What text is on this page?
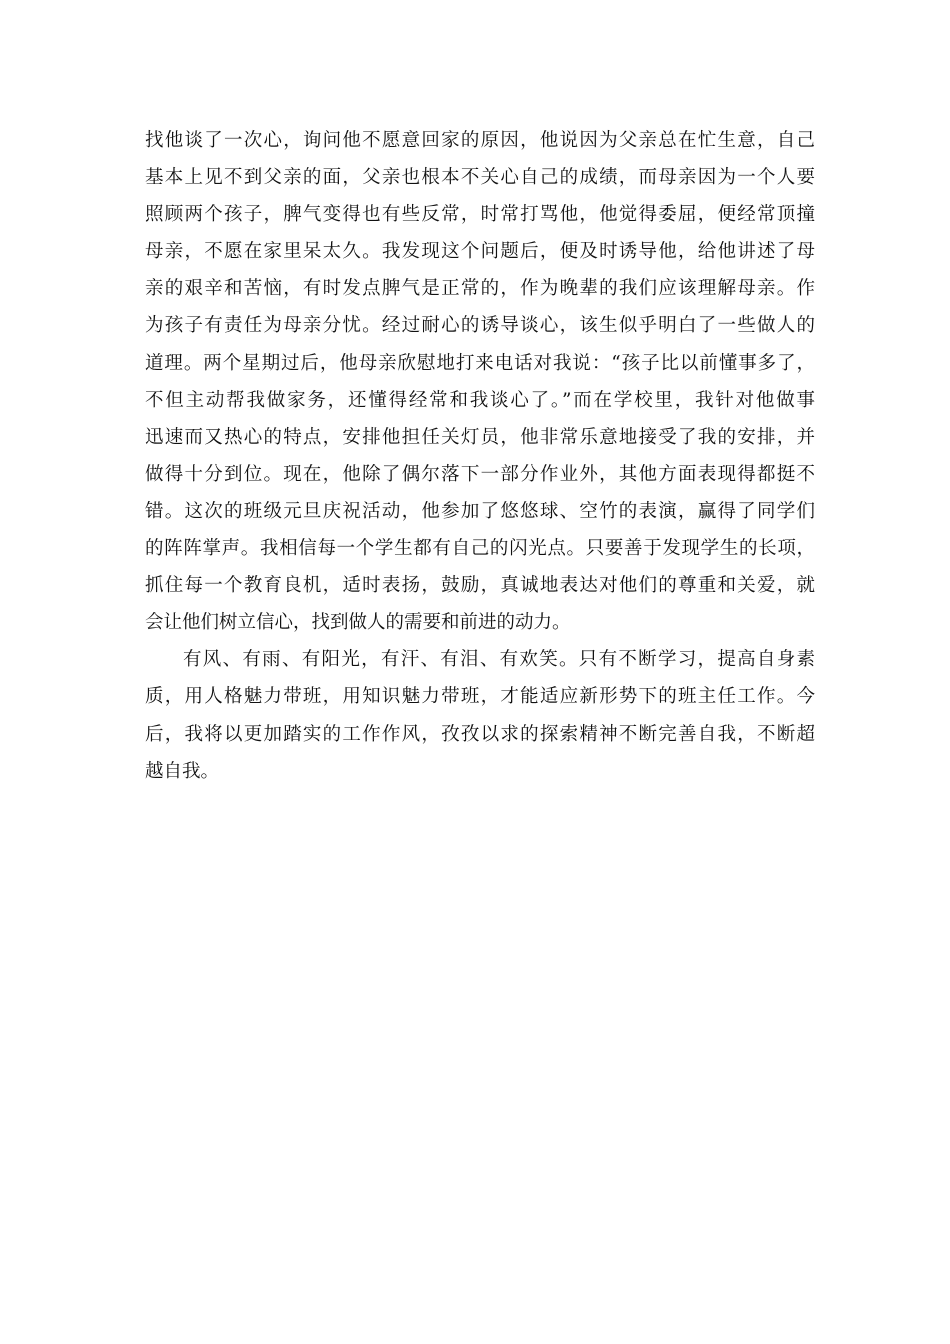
找他谈了一次心，询问他不愿意回家的原因，他说因为父亲总在忙生意，自己
基本上见不到父亲的面，父亲也根本不关心自己的成绩，而母亲因为一个人要
照顾两个孩子，脾气变得也有些反常，时常打骂他，他觉得委屈，便经常顶撞
母亲，不愿在家里呆太久。我发现这个问题后，便及时诱导他，给他讲述了母
亲的艰辛和苦恼，有时发点脾气是正常的，作为晚辈的我们应该理解母亲。作
为孩子有责任为母亲分忧。经过耐心的诱导谈心，该生似乎明白了一些做人的
道理。两个星期过后，他母亲欣慰地打来电话对我说：“孩子比以前懂事多了，
不但主动帮我做家务，还懂得经常和我谈心了。”而在学校里，我针对他做事
迅速而又热心的特点，安排他担任关灯员，他非常乐意地接受了我的安排，并
做得十分到位。现在，他除了偶尔落下一部分作业外，其他方面表现得都挺不
错。这次的班级元旦庆祝活动，他参加了悠悠球、空竹的表演，赢得了同学们
的阵阵掌声。我相信每一个学生都有自己的闪光点。只要善于发现学生的长项，
抓住每一个教育良机，适时表扬，鼓励，真诚地表达对他们的尊重和关爱，就
会让他们树立信心，找到做人的需要和前进的动力。
有风、有雨、有阳光，有汗、有泪、有欢笑。只有不断学习，提高自身素
质，用人格魅力带班，用知识魅力带班，才能适应新形势下的班主任工作。今
后，我将以更加踏实的工作作风，孜孜以求的探索精神不断完善自我，不断超
越自我。
